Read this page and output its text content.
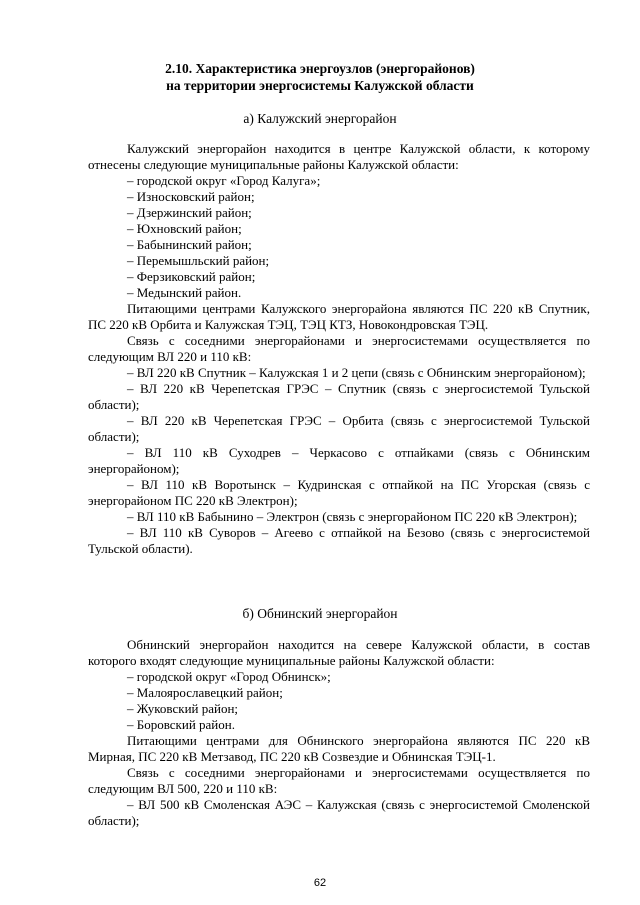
2.10. Характеристика энергоузлов (энергорайонов)
на территории энергосистемы Калужской области
а) Калужский энергорайон

Калужский энергорайон находится в центре Калужской области, к которому отнесены следующие муниципальные районы Калужской области:

– городской округ «Город Калуга»;
– Износковский район;
– Дзержинский район;
– Юхновский район;
– Бабынинский район;
– Перемышльский район;
– Ферзиковский район;
– Медынский район.

Питающими центрами Калужского энергорайона являются ПС 220 кВ Спутник, ПС 220 кВ Орбита и Калужская ТЭЦ, ТЭЦ КТЗ, Новокондровская ТЭЦ.

Связь с соседними энергорайонами и энергосистемами осуществляется по следующим ВЛ 220 и 110 кВ:

– ВЛ 220 кВ Спутник – Калужская 1 и 2 цепи (связь с Обнинским энергорайоном);

– ВЛ 220 кВ Черепетская ГРЭС – Спутник (связь с энергосистемой Тульской области);

– ВЛ 220 кВ Черепетская ГРЭС – Орбита (связь с энергосистемой Тульской области);

– ВЛ 110 кВ Суходрев – Черкасово с отпайками (связь с Обнинским энергорайоном);

– ВЛ 110 кВ Воротынск – Кудринская с отпайкой на ПС Угорская (связь с энергорайоном ПС 220 кВ Электрон);

– ВЛ 110 кВ Бабынино – Электрон (связь с энергорайоном ПС 220 кВ Электрон);

– ВЛ 110 кВ Суворов – Агеево с отпайкой на Безово (связь с энергосистемой Тульской области).

б) Обнинский энергорайон

Обнинский энергорайон находится на севере Калужской области, в состав которого входят следующие муниципальные районы Калужской области:

– городской округ «Город Обнинск»;
– Малоярославецкий район;
– Жуковский район;
– Боровский район.

Питающими центрами для Обнинского энергорайона являются ПС 220 кВ Мирная, ПС 220 кВ Метзавод, ПС 220 кВ Созвездие и Обнинская ТЭЦ-1.

Связь с соседними энергорайонами и энергосистемами осуществляется по следующим ВЛ 500, 220 и 110 кВ:

– ВЛ 500 кВ Смоленская АЭС – Калужская (связь с энергосистемой Смоленской области);

62
